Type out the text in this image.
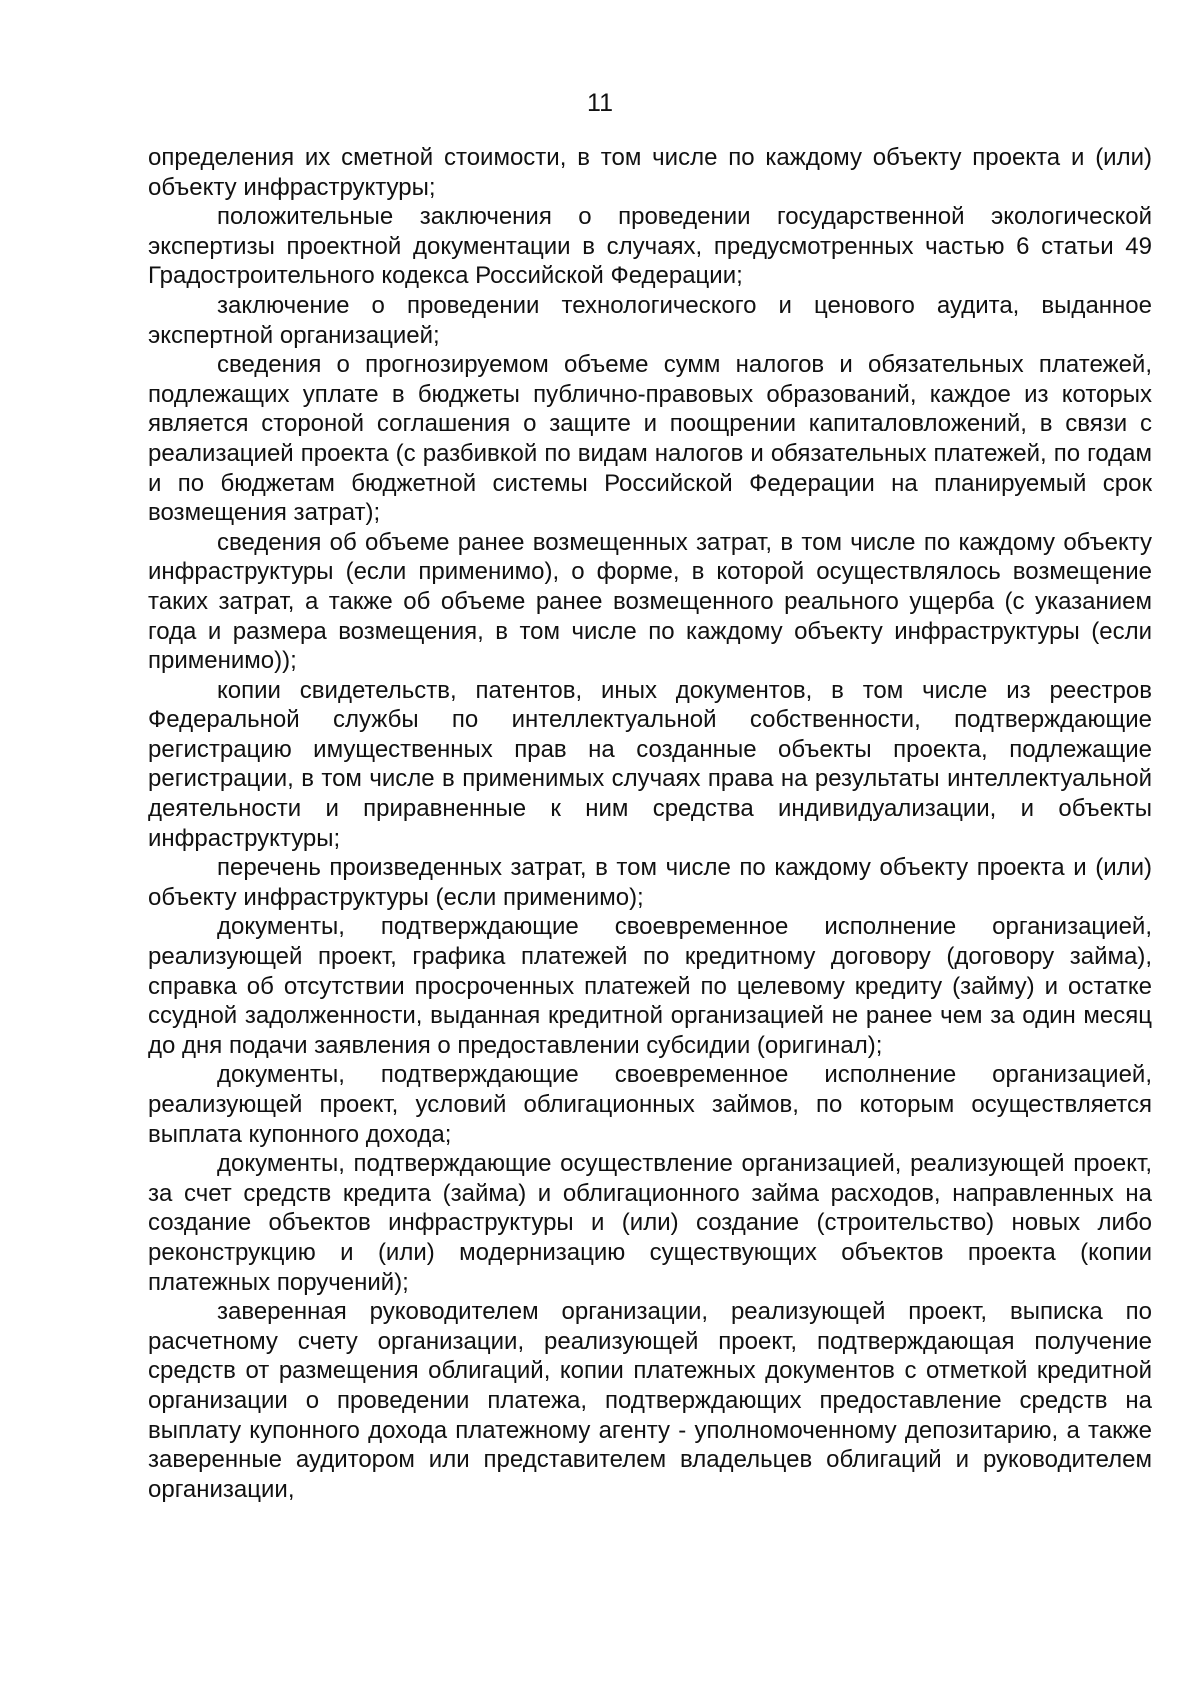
11

определения их сметной стоимости, в том числе по каждому объекту проекта и (или) объекту инфраструктуры;

положительные заключения о проведении государственной экологической экспертизы проектной документации в случаях, предусмотренных частью 6 статьи 49 Градостроительного кодекса Российской Федерации;

заключение о проведении технологического и ценового аудита, выданное экспертной организацией;

сведения о прогнозируемом объеме сумм налогов и обязательных платежей, подлежащих уплате в бюджеты публично-правовых образований, каждое из которых является стороной соглашения о защите и поощрении капиталовложений, в связи с реализацией проекта (с разбивкой по видам налогов и обязательных платежей, по годам и по бюджетам бюджетной системы Российской Федерации на планируемый срок возмещения затрат);

сведения об объеме ранее возмещенных затрат, в том числе по каждому объекту инфраструктуры (если применимо), о форме, в которой осуществлялось возмещение таких затрат, а также об объеме ранее возмещенного реального ущерба (с указанием года и размера возмещения, в том числе по каждому объекту инфраструктуры (если применимо));

копии свидетельств, патентов, иных документов, в том числе из реестров Федеральной службы по интеллектуальной собственности, подтверждающие регистрацию имущественных прав на созданные объекты проекта, подлежащие регистрации, в том числе в применимых случаях права на результаты интеллектуальной деятельности и приравненные к ним средства индивидуализации, и объекты инфраструктуры;

перечень произведенных затрат, в том числе по каждому объекту проекта и (или) объекту инфраструктуры (если применимо);

документы, подтверждающие своевременное исполнение организацией, реализующей проект, графика платежей по кредитному договору (договору займа), справка об отсутствии просроченных платежей по целевому кредиту (займу) и остатке ссудной задолженности, выданная кредитной организацией не ранее чем за один месяц до дня подачи заявления о предоставлении субсидии (оригинал);

документы, подтверждающие своевременное исполнение организацией, реализующей проект, условий облигационных займов, по которым осуществляется выплата купонного дохода;

документы, подтверждающие осуществление организацией, реализующей проект, за счет средств кредита (займа) и облигационного займа расходов, направленных на создание объектов инфраструктуры и (или) создание (строительство) новых либо реконструкцию и (или) модернизацию существующих объектов проекта (копии платежных поручений);

заверенная руководителем организации, реализующей проект, выписка по расчетному счету организации, реализующей проект, подтверждающая получение средств от размещения облигаций, копии платежных документов с отметкой кредитной организации о проведении платежа, подтверждающих предоставление средств на выплату купонного дохода платежному агенту - уполномоченному депозитарию, а также заверенные аудитором или представителем владельцев облигаций и руководителем организации,
